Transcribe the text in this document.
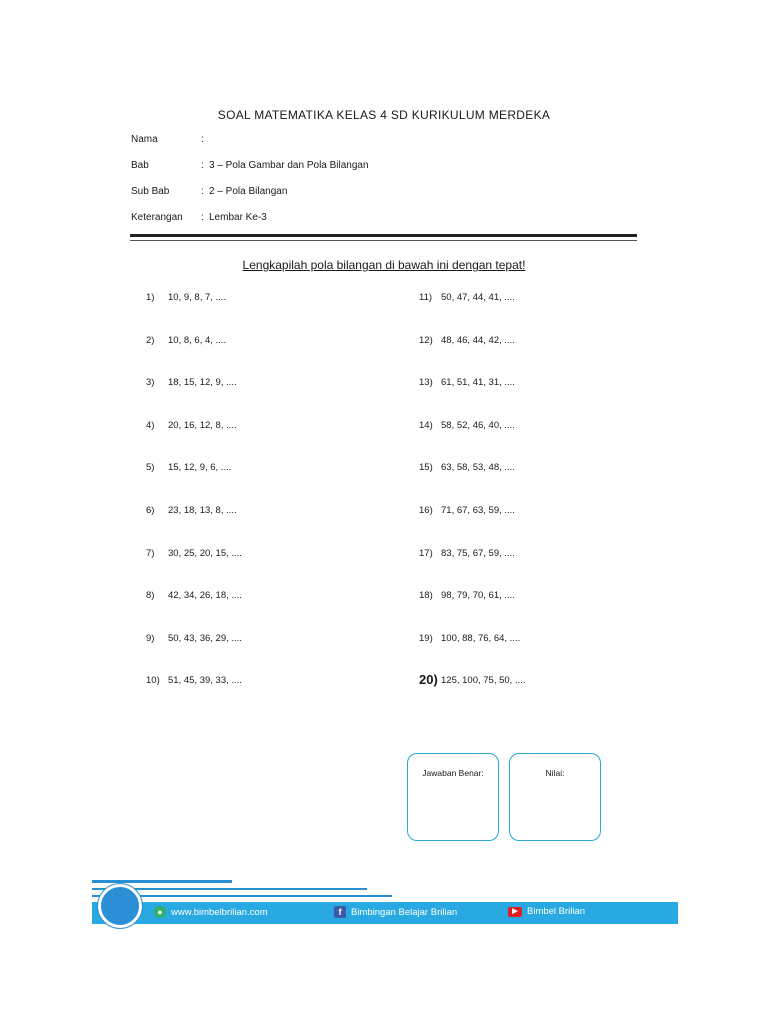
SOAL MATEMATIKA KELAS 4 SD KURIKULUM MERDEKA
Nama	:
Bab	: 3 – Pola Gambar dan Pola Bilangan
Sub Bab	: 2 – Pola Bilangan
Keterangan	: Lembar Ke-3
Lengkapilah pola bilangan di bawah ini dengan tepat!
1)	10, 9, 8, 7, ....
2)	10, 8, 6, 4, ....
3)	18, 15, 12, 9, ....
4)	20, 16, 12, 8, ....
5)	15, 12, 9, 6, ....
6)	23, 18, 13, 8, ....
7)	30, 25, 20, 15, ....
8)	42, 34, 26, 18, ....
9)	50, 43, 36, 29, ....
10) 51, 45, 39, 33, ....
11) 50, 47, 44, 41, ....
12) 48, 46, 44, 42, ....
13) 61, 51, 41, 31, ....
14) 58, 52, 46, 40, ....
15) 63, 58, 53, 48, ....
16) 71, 67, 63, 59, ....
17) 83, 75, 67, 59, ....
18) 98, 79, 70, 61, ....
19) 100, 88, 76, 64, ....
20) 125, 100, 75, 50, ....
Jawaban Benar:	Nilai:
● www.bimbelbrilian.com	f	Bimbingan Belajar Brilian	▶ Bimbel Brilian
